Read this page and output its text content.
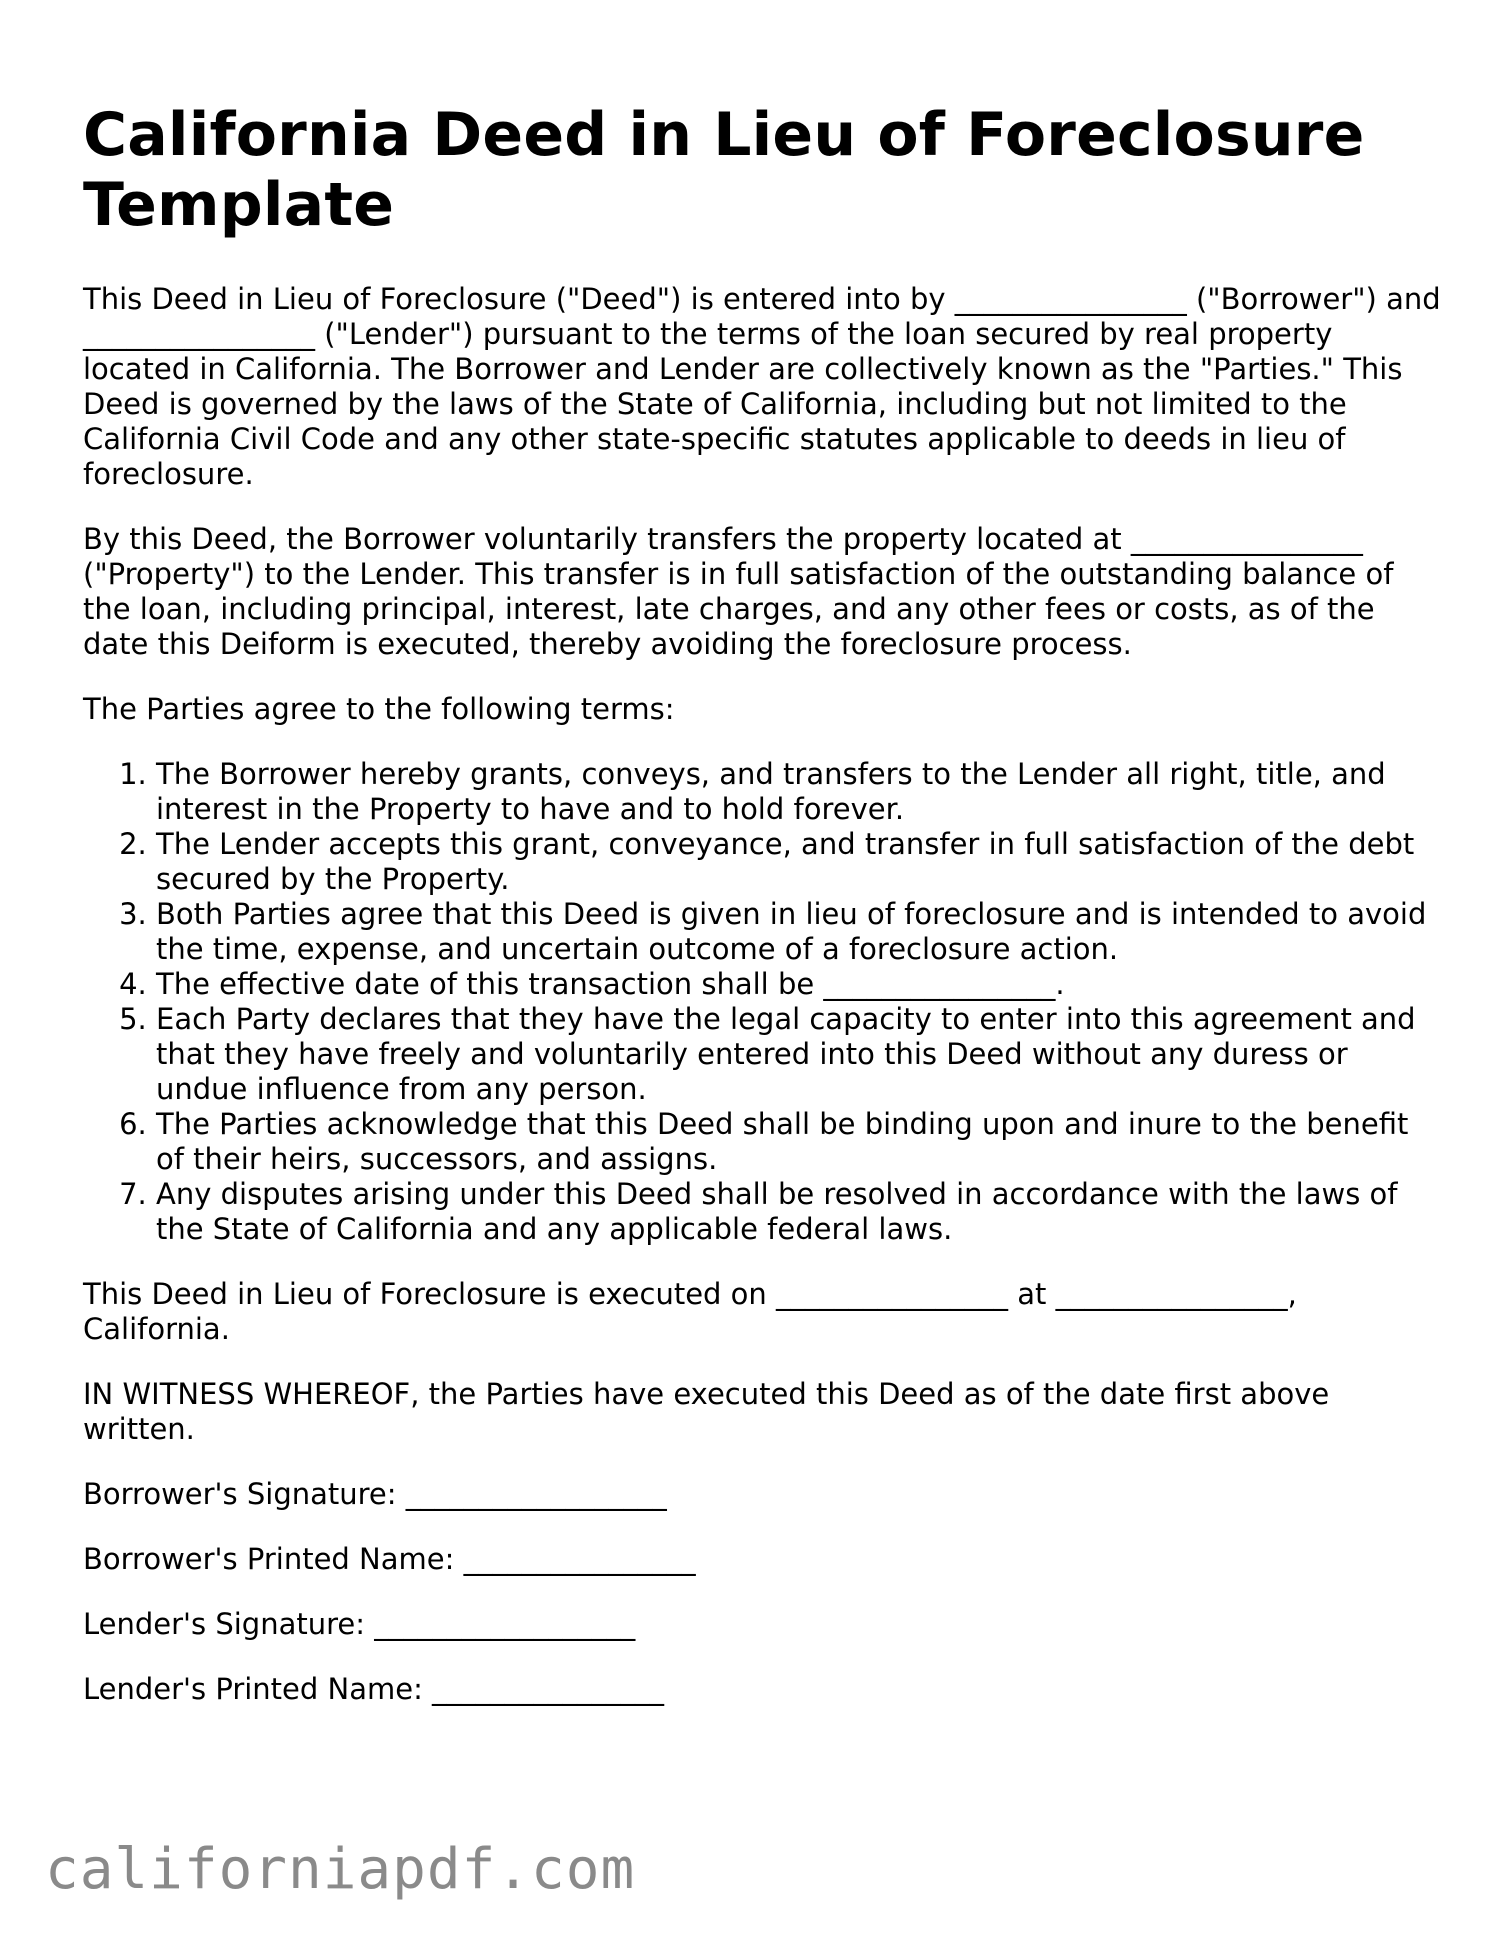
California Deed in Lieu of Foreclosure Template

This Deed in Lieu of Foreclosure ("Deed") is entered into by ________________ ("Borrower") and ________________ ("Lender") pursuant to the terms of the loan secured by real property located in California. The Borrower and Lender are collectively known as the "Parties." This Deed is governed by the laws of the State of California, including but not limited to the California Civil Code and any other state-specific statutes applicable to deeds in lieu of foreclosure.

By this Deed, the Borrower voluntarily transfers the property located at ________________ ("Property") to the Lender. This transfer is in full satisfaction of the outstanding balance of the loan, including principal, interest, late charges, and any other fees or costs, as of the date this Deiform is executed, thereby avoiding the foreclosure process.

The Parties agree to the following terms:

1. The Borrower hereby grants, conveys, and transfers to the Lender all right, title, and interest in the Property to have and to hold forever.
2. The Lender accepts this grant, conveyance, and transfer in full satisfaction of the debt secured by the Property.
3. Both Parties agree that this Deed is given in lieu of foreclosure and is intended to avoid the time, expense, and uncertain outcome of a foreclosure action.
4. The effective date of this transaction shall be ________________.
5. Each Party declares that they have the legal capacity to enter into this agreement and that they have freely and voluntarily entered into this Deed without any duress or undue influence from any person.
6. The Parties acknowledge that this Deed shall be binding upon and inure to the benefit of their heirs, successors, and assigns.
7. Any disputes arising under this Deed shall be resolved in accordance with the laws of the State of California and any applicable federal laws.

This Deed in Lieu of Foreclosure is executed on ________________ at ________________, California.

IN WITNESS WHEREOF, the Parties have executed this Deed as of the date first above written.

Borrower's Signature: __________________
Borrower's Printed Name: ________________
Lender's Signature: __________________
Lender's Printed Name: ________________
californiapdf.com
